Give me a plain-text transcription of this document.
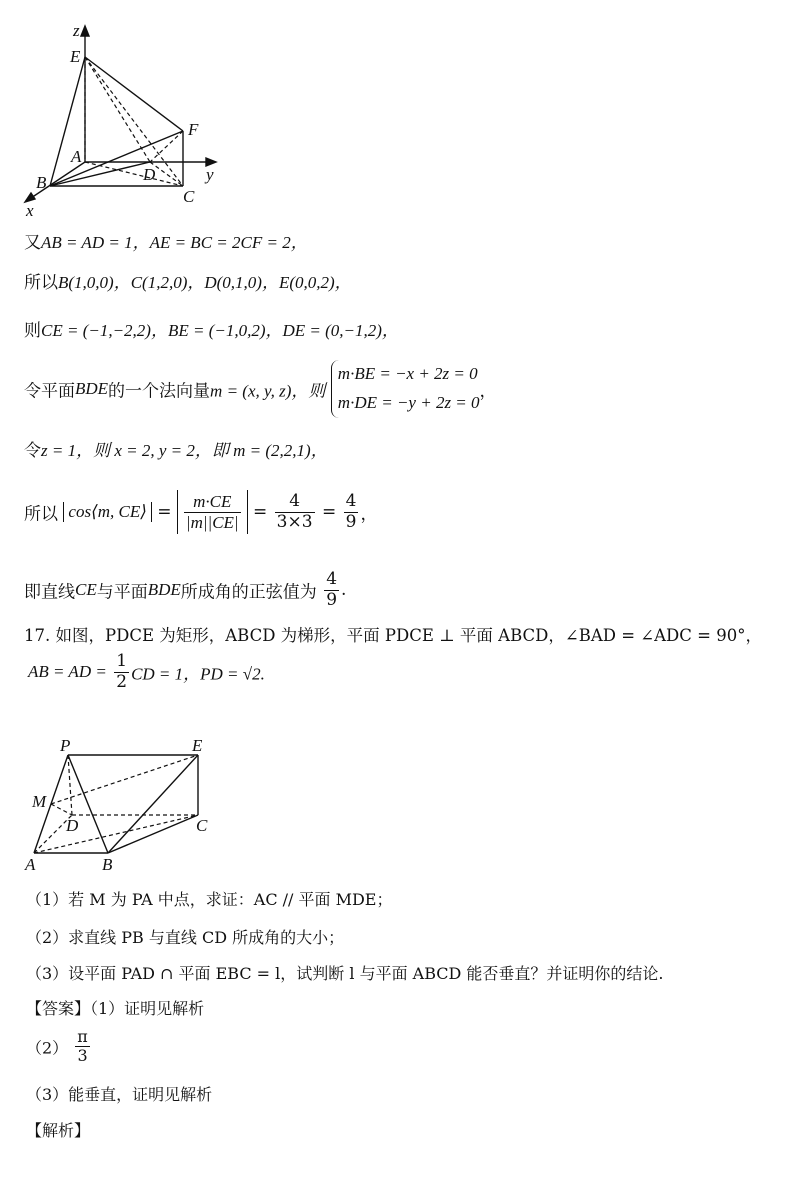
z
E
F
A
D	y
B
C
x
又AB = AD = 1，AE = BC = 2CF = 2，
所以B(1,0,0)，C(1,2,0)，D(0,1,0)，E(0,0,2)，
则CE = (−1,−2,2)，BE = (−1,0,2)，DE = (0,−1,2)，
令平面BDE的一个法向量m = (x, y, z)，则
m·BE = −x + 2z = 0
m·DE = −y + 2z = 0
，
令z = 1，则 x = 2, y = 2，即 m = (2,2,1)，
所以 cos⟨m, CE⟩ = $\frac{m\cdot CE}{|m||CE|} = \frac{4}{3\times 3} = \frac{4}{9}$ ，
即直线CE与平面BDE所成角的正弦值为 $\frac{4}{9}$ .
17. 如图，PDCE 为矩形，ABCD 为梯形，平面 PDCE ⊥ 平面 ABCD，∠BAD = ∠ADC = 90°，
AB = AD = $\frac{1}{2}$ CD = 1，PD = √2.
P	E
M
D	C
A	B
（1）若 M 为 PA 中点，求证：AC // 平面 MDE；
（2）求直线 PB 与直线 CD 所成角的大小；
（3）设平面 PAD ∩ 平面 EBC = l，试判断 l 与平面 ABCD 能否垂直？并证明你的结论.
【答案】（1）证明见解析
$(2) \frac{\pi}{3}$
（3）能垂直，证明见解析
【解析】
